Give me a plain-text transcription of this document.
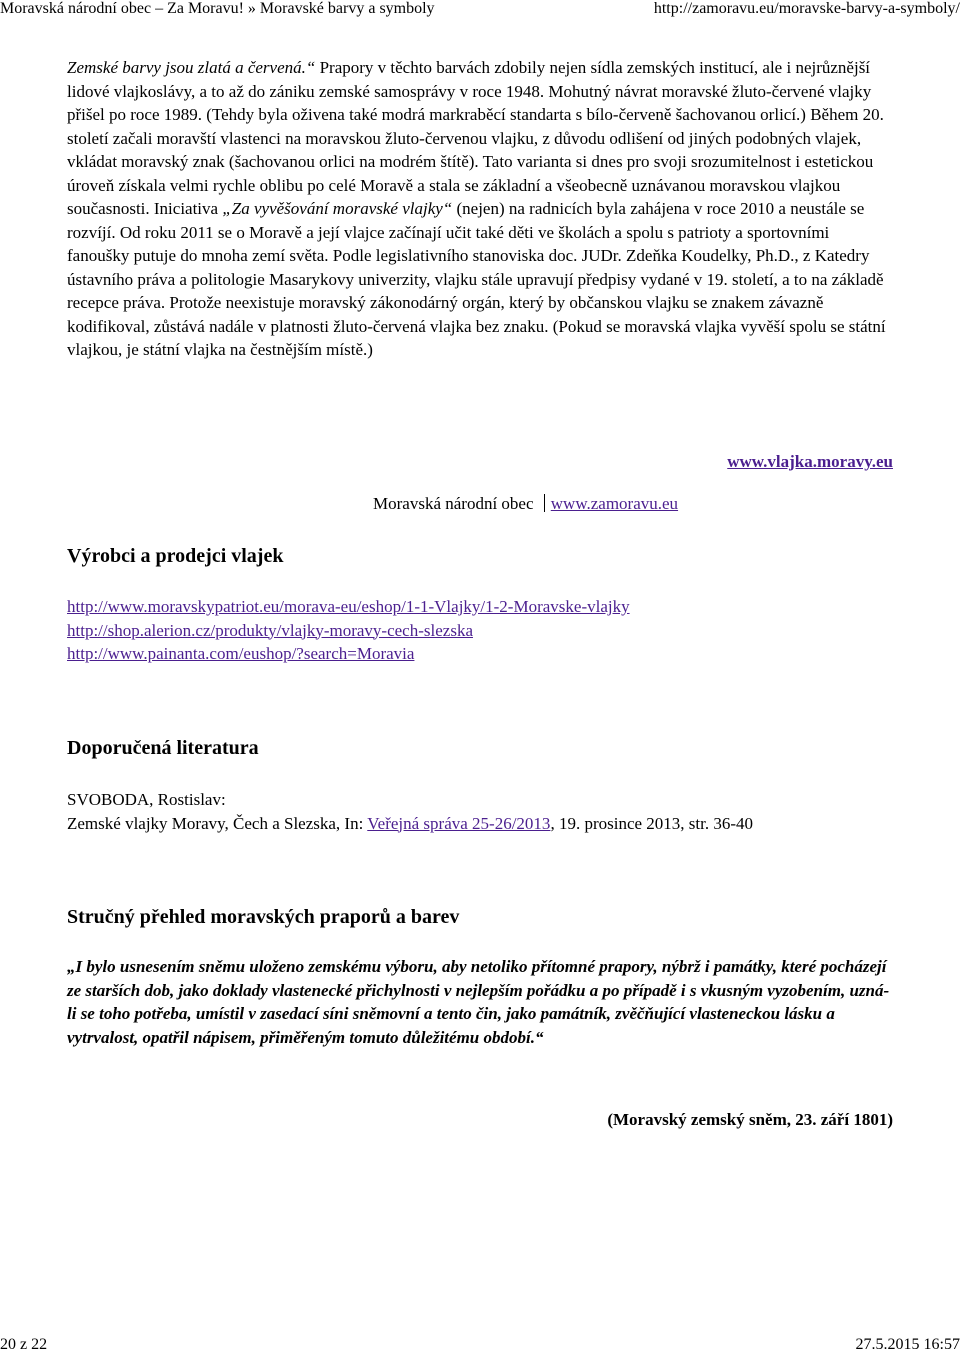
Moravská národní obec – Za Moravu! » Moravské barvy a symboly	http://zamoravu.eu/moravske-barvy-a-symboly/
Zemské barvy jsou zlatá a červená.“ Prapory v těchto barvách zdobily nejen sídla zemských institucí, ale i nejrůznější lidové vlajkoslávy, a to až do zániku zemské samosprávy v roce 1948. Mohutný návrat moravské žluto-červené vlajky přišel po roce 1989. (Tehdy byla oživena také modrá markraběcí standarta s bílo-červeně šachovanou orlicí.) Během 20. století začali moravští vlastenci na moravskou žluto-červenou vlajku, z důvodu odlišení od jiných podobných vlajek, vkládat moravský znak (šachovanou orlici na modrém štítě). Tato varianta si dnes pro svoji srozumitelnost i estetickou úroveň získala velmi rychle oblibu po celé Moravě a stala se základní a všeobecně uznávanou moravskou vlajkou současnosti. Iniciativa „Za vyvěšování moravské vlajky“ (nejen) na radnicích byla zahájena v roce 2010 a neustále se rozvíjí. Od roku 2011 se o Moravě a její vlajce začínají učit také děti ve školách a spolu s patrioty a sportovními fanoušky putuje do mnoha zemí světa. Podle legislativního stanoviska doc. JUDr. Zdeňka Koudelky, Ph.D., z Katedry ústavního práva a politologie Masarykovy univerzity, vlajku stále upravují předpisy vydané v 19. století, a to na základě recepce práva. Protože neexistuje moravský zákonodárný orgán, který by občanskou vlajku se znakem závazně kodifikoval, zůstává nadále v platnosti žluto-červená vlajka bez znaku. (Pokud se moravská vlajka vyvěší spolu se státní vlajkou, je státní vlajka na čestnějším místě.)
www.vlajka.moravy.eu
Moravská národní obec www.zamoravu.eu
Výrobci a prodejci vlajek
http://www.moravskypatriot.eu/morava-eu/eshop/1-1-Vlajky/1-2-Moravske-vlajky
http://shop.alerion.cz/produkty/vlajky-moravy-cech-slezska
http://www.painanta.com/eushop/?search=Moravia
Doporučená literatura
SVOBODA, Rostislav:
Zemské vlajky Moravy, Čech a Slezska, In: Veřejná správa 25-26/2013, 19. prosince 2013, str. 36-40
Stručný přehled moravských praporů a barev
„I bylo usnesením sněmu uloženo zemskému výboru, aby netoliko přítomné prapory, nýbrž i památky, které pocházejí ze starších dob, jako doklady vlastenecké přichylnosti v nejlepším pořádku a po případě i s vkusným vyzobením, uzná-li se toho potřeba, umístil v zasedací síni sněmovní a tento čin, jako památník, zvěčňující vlasteneckou lásku a vytrvalost, opatřil nápisem, přiměřeným tomuto důležitému období.“
(Moravský zemský sněm, 23. září 1801)
20 z 22	27.5.2015 16:57
